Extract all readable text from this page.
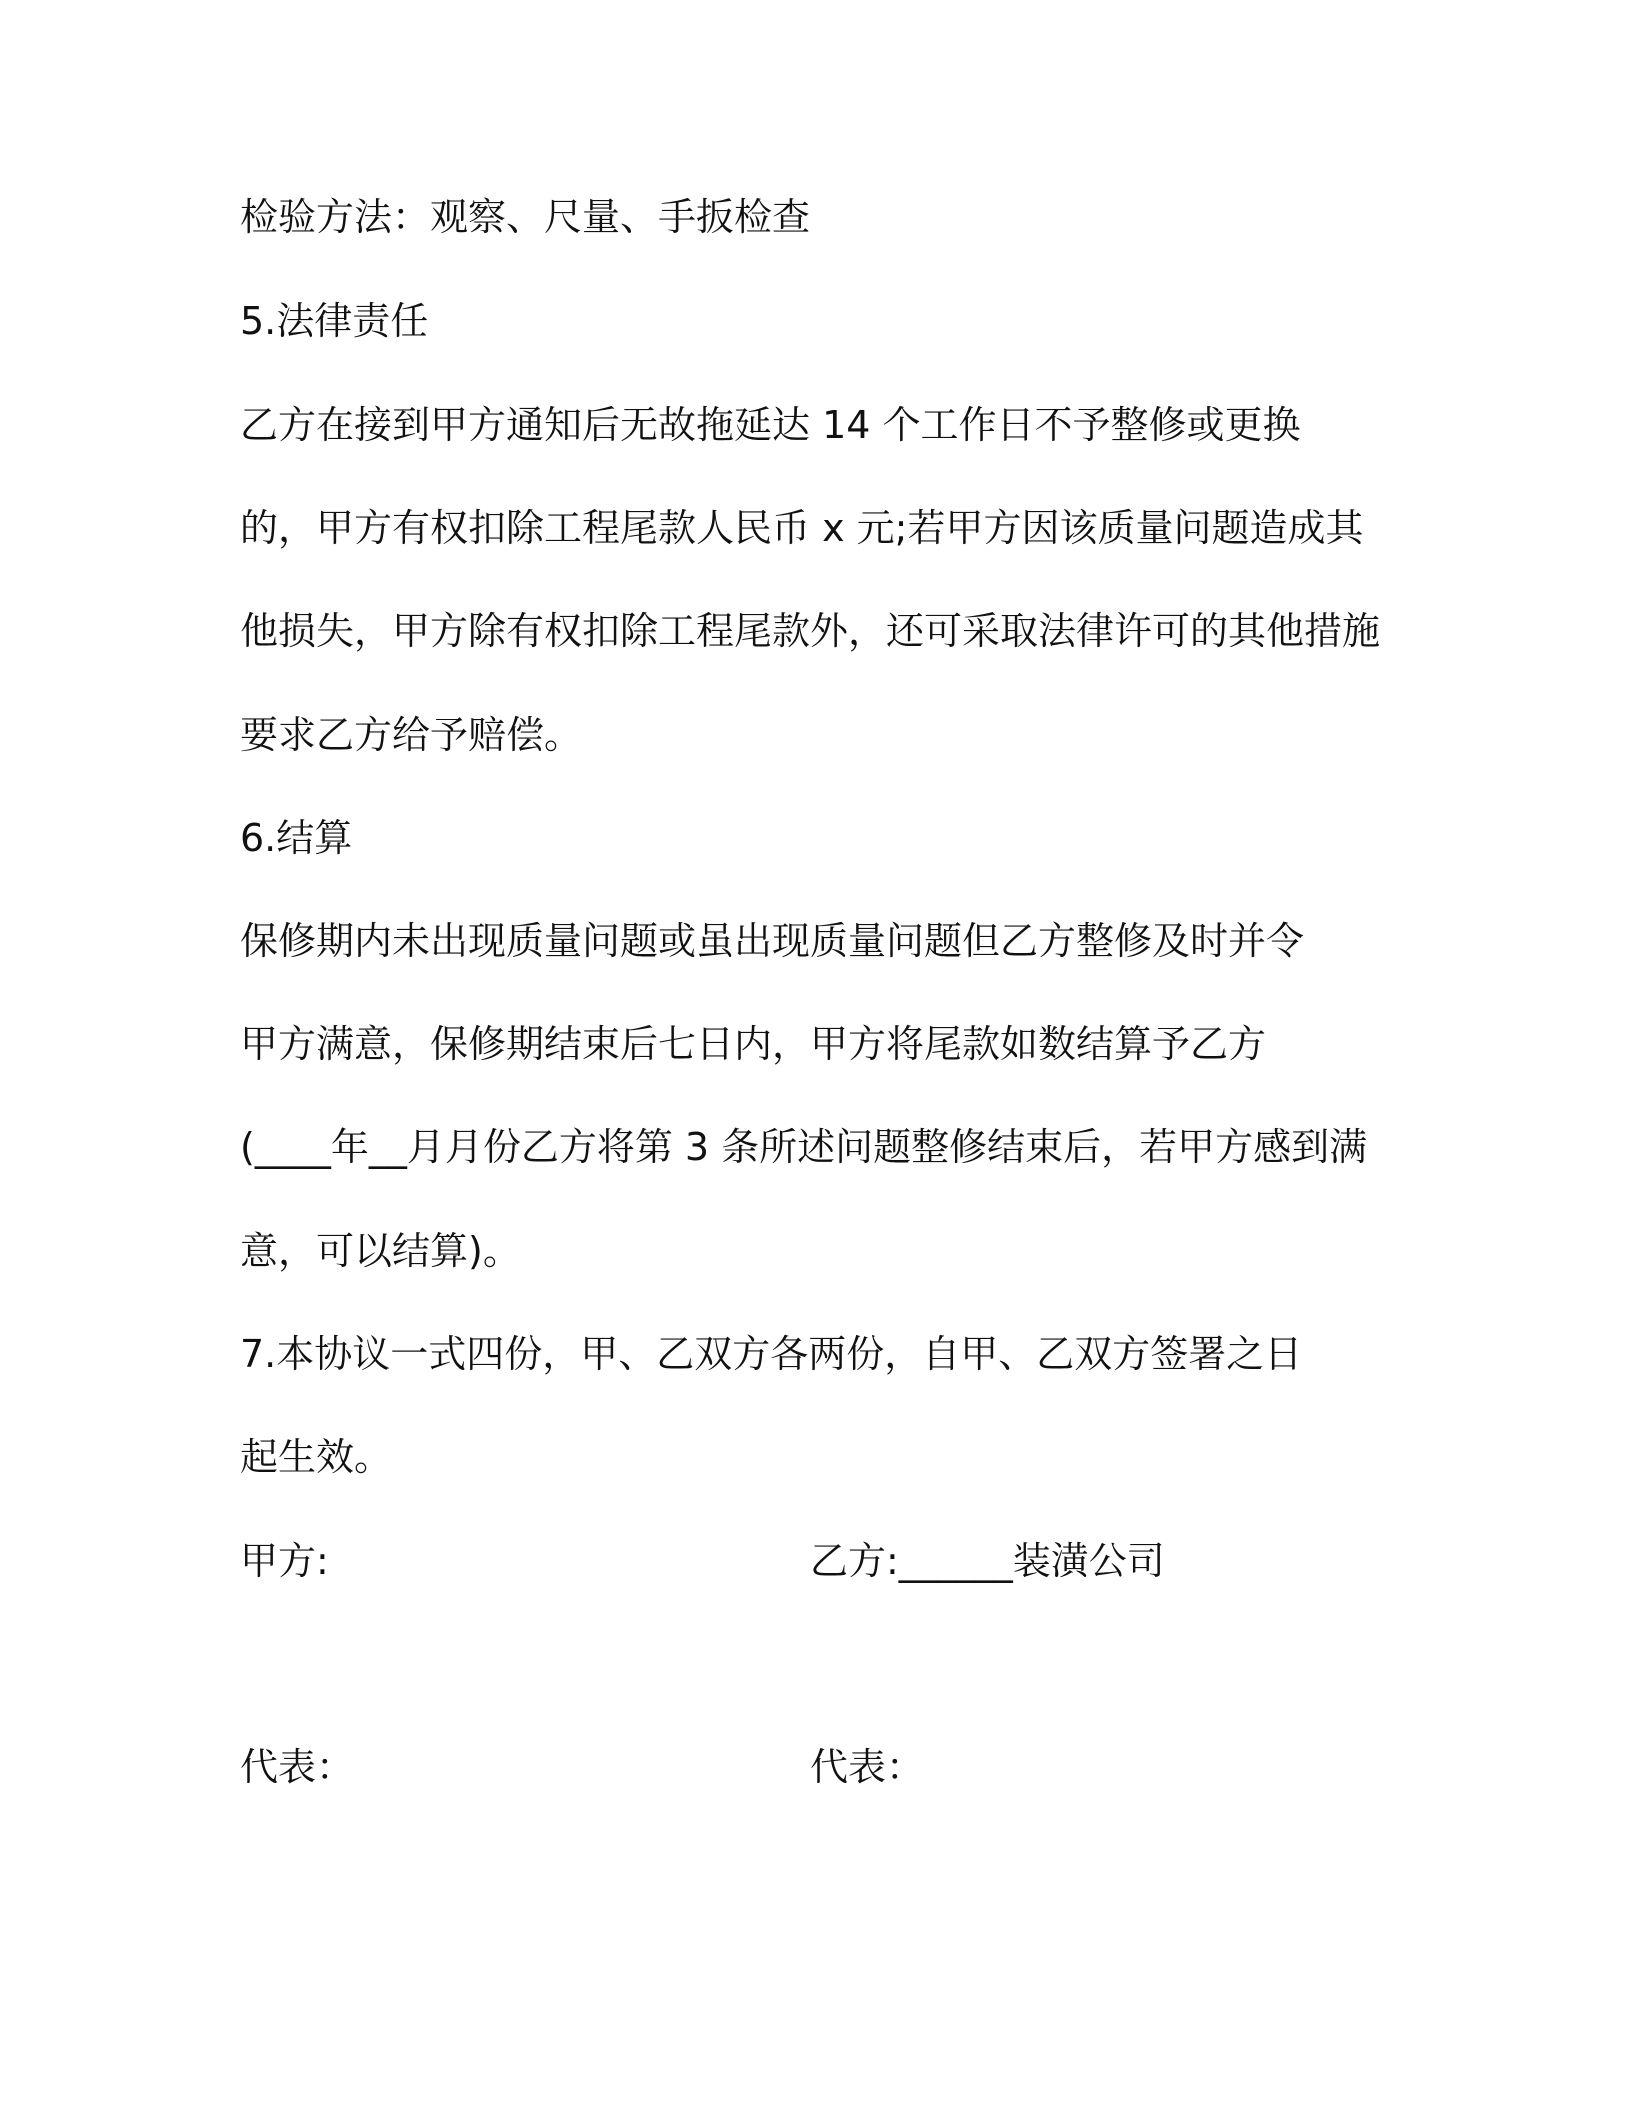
检验方法：观察、尺量、手扳检查
5.法律责任
乙方在接到甲方通知后无故拖延达 14 个工作日不予整修或更换
的，甲方有权扣除工程尾款人民币 x 元;若甲方因该质量问题造成其
他损失，甲方除有权扣除工程尾款外，还可采取法律许可的其他措施
要求乙方给予赔偿。
6.结算
保修期内未出现质量问题或虽出现质量问题但乙方整修及时并令
甲方满意，保修期结束后七日内，甲方将尾款如数结算予乙方
(____年__月月份乙方将第 3 条所述问题整修结束后，若甲方感到满
意，可以结算)。
7.本协议一式四份，甲、乙双方各两份，自甲、乙双方签署之日
起生效。
甲方:	乙方:______装潢公司
代表：	代表：
